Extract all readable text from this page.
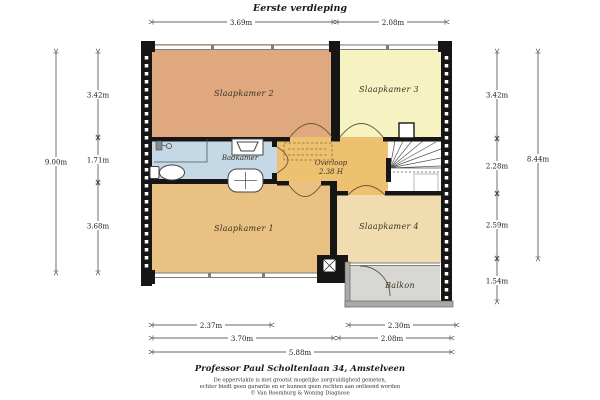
Eerste verdieping
Slaapkamer 2	Slaapkamer 3
Badkamer
Overloop
2.38 H
Slaapkamer 1	Slaapkamer 4
Balkon
3.69m	2.08m
9.00m
3.42m
1.71m
3.68m
3.42m
2.28m
2.59m
1.54m
8.44m
2.37m	2.30m
3.70m	2.08m
5.88m
Professor Paul Scholtenlaan 34, Amstelveen
De oppervlakte is met grootst mogelijke zorgvuldigheid gemeten,
echter biedt geen garantie en er kunnen geen rechten aan ontleend worden
© Van Roemburg & Woning Diagnose
